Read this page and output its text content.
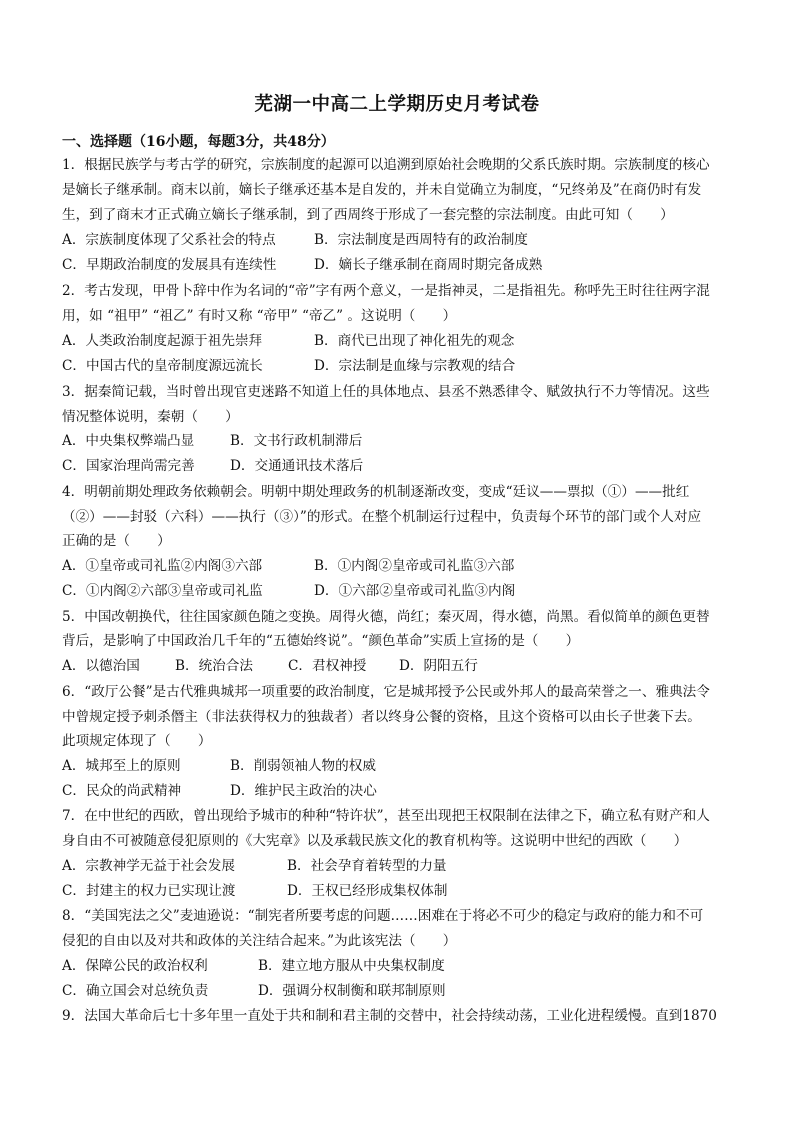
芜湖一中高二上学期历史月考试卷
一、选择题（16小题，每题3分，共48分）
1．根据民族学与考古学的研究，宗族制度的起源可以追溯到原始社会晚期的父系氏族时期。宗族制度的核心
是嫡长子继承制。商末以前，嫡长子继承还基本是自发的，并未自觉确立为制度，“兄终弟及”在商仍时有发
生，到了商末才正式确立嫡长子继承制，到了西周终于形成了一套完整的宗法制度。由此可知（　　）
A．宗族制度体现了父系社会的特点	B．宗法制度是西周特有的政治制度
C．早期政治制度的发展具有连续性	D．嫡长子继承制在商周时期完备成熟
2．考古发现，甲骨卜辞中作为名词的“帝”字有两个意义，一是指神灵，二是指祖先。称呼先王时往往两字混
用，如 “祖甲” “祖乙” 有时又称 “帝甲” “帝乙” 。这说明（　　）
A．人类政治制度起源于祖先崇拜	B．商代已出现了神化祖先的观念
C．中国古代的皇帝制度源远流长	D．宗法制是血缘与宗教观的结合
3．据秦简记载，当时曾出现官吏迷路不知道上任的具体地点、县丞不熟悉律令、赋敛执行不力等情况。这些
情况整体说明，秦朝（　　）
A．中央集权弊端凸显	B．文书行政机制滞后
C．国家治理尚需完善	D．交通通讯技术落后
4．明朝前期处理政务依赖朝会。明朝中期处理政务的机制逐渐改变，变成“廷议——票拟（①）——批红
（②）——封驳（六科）——执行（③）”的形式。在整个机制运行过程中，负责每个环节的部门或个人对应
正确的是（　　）
A．①皇帝或司礼监②内阁③六部	B．①内阁②皇帝或司礼监③六部
C．①内阁②六部③皇帝或司礼监	D．①六部②皇帝或司礼监③内阁
5．中国改朝换代，往往国家颜色随之变换。周得火德，尚红；秦灭周，得水德，尚黑。看似简单的颜色更替
背后，是影响了中国政治几千年的“五德始终说”。“颜色革命”实质上宣扬的是（　　）
A．以德治国	B．统治合法	C．君权神授 D．阴阳五行
6．“政厅公餐”是古代雅典城邦一项重要的政治制度，它是城邦授予公民或外邦人的最高荣誉之一、雅典法令
中曾规定授予刺杀僭主（非法获得权力的独裁者）者以终身公餐的资格，且这个资格可以由长子世袭下去。
此项规定体现了（　　）
A．城邦至上的原则	B．削弱领袖人物的权威
C．民众的尚武精神	D．维护民主政治的决心
7．在中世纪的西欧，曾出现给予城市的种种“特许状”，甚至出现把王权限制在法律之下，确立私有财产和人
身自由不可被随意侵犯原则的《大宪章》以及承载民族文化的教育机构等。这说明中世纪的西欧（　　）
A．宗教神学无益于社会发展	B．社会孕育着转型的力量
C．封建主的权力已实现让渡	D．王权已经形成集权体制
8．“美国宪法之父”麦迪逊说：“制宪者所要考虑的问题……困难在于将必不可少的稳定与政府的能力和不可
侵犯的自由以及对共和政体的关注结合起来。”为此该宪法（　　）
A．保障公民的政治权利	B．建立地方服从中央集权制度
C．确立国会对总统负责	D．强调分权制衡和联邦制原则
9．法国大革命后七十多年里一直处于共和制和君主制的交替中，社会持续动荡，工业化进程缓慢。直到1870
